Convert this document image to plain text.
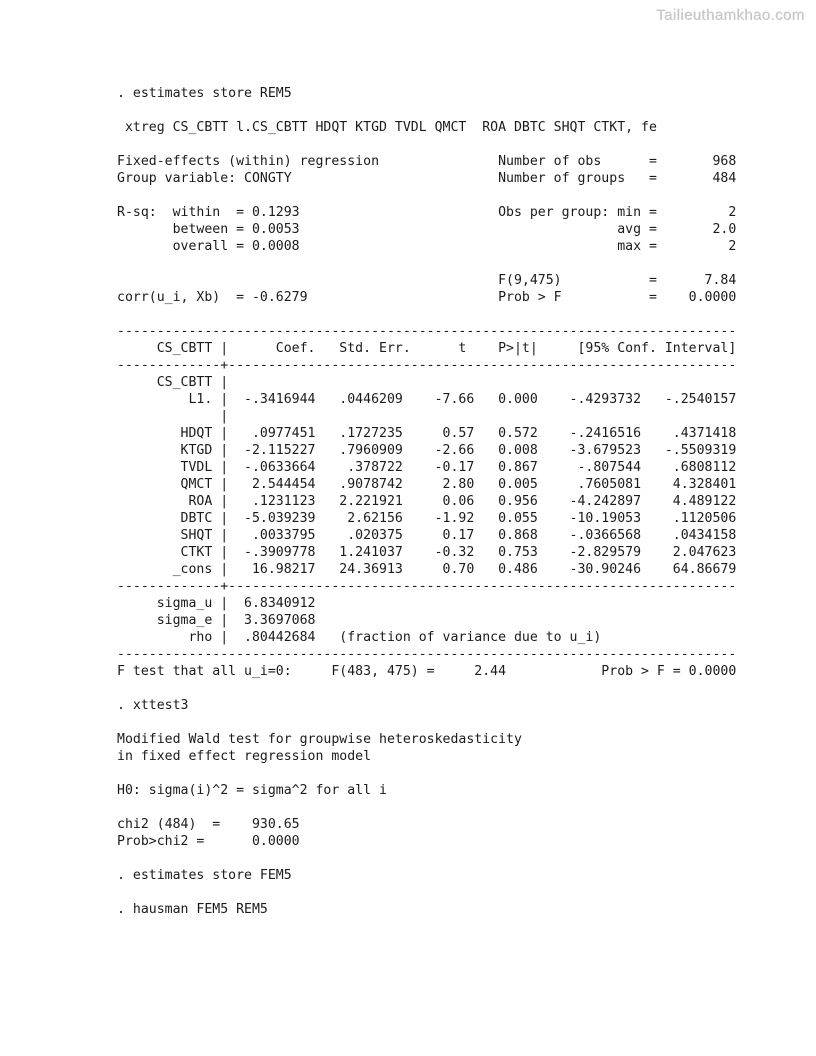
Tailieuthamkhao.com
. estimates store REM5
xtreg CS_CBTT l.CS_CBTT HDQT KTGD TVDL QMCT  ROA DBTC SHQT CTKT, fe
Fixed-effects (within) regression               Number of obs      =       968
Group variable: CONGTY                          Number of groups   =       484
R-sq:  within  = 0.1293                         Obs per group: min =         2
between = 0.0053                                        avg =       2.0
overall = 0.0008                                        max =         2
F(9,475)           =      7.84
corr(u_i, Xb)  = -0.6279                        Prob > F           =    0.0000
------------------------------------------------------------------------------
CS_CBTT |      Coef.   Std. Err.      t    P>|t|     [95% Conf. Interval]
-------------+----------------------------------------------------------------
CS_CBTT |
L1. |  -.3416944   .0446209    -7.66   0.000    -.4293732   -.2540157
|
HDQT |   .0977451   .1727235     0.57   0.572    -.2416516    .4371418
KTGD |  -2.115227   .7960909    -2.66   0.008    -3.679523   -.5509319
TVDL |  -.0633664    .378722    -0.17   0.867     -.807544    .6808112
QMCT |   2.544454   .9078742     2.80   0.005     .7605081    4.328401
ROA |   .1231123   2.221921     0.06   0.956    -4.242897    4.489122
DBTC |  -5.039239    2.62156    -1.92   0.055    -10.19053    .1120506
SHQT |   .0033795    .020375     0.17   0.868    -.0366568    .0434158
CTKT |  -.3909778   1.241037    -0.32   0.753    -2.829579    2.047623
_cons |   16.98217   24.36913     0.70   0.486    -30.90246    64.86679
-------------+----------------------------------------------------------------
sigma_u |  6.8340912
sigma_e |  3.3697068
rho |  .80442684   (fraction of variance due to u_i)
------------------------------------------------------------------------------
F test that all u_i=0:     F(483, 475) =     2.44            Prob > F = 0.0000
. xttest3
Modified Wald test for groupwise heteroskedasticity
in fixed effect regression model
H0: sigma(i)^2 = sigma^2 for all i
chi2 (484)  =    930.65
Prob>chi2 =      0.0000
. estimates store FEM5
. hausman FEM5 REM5
